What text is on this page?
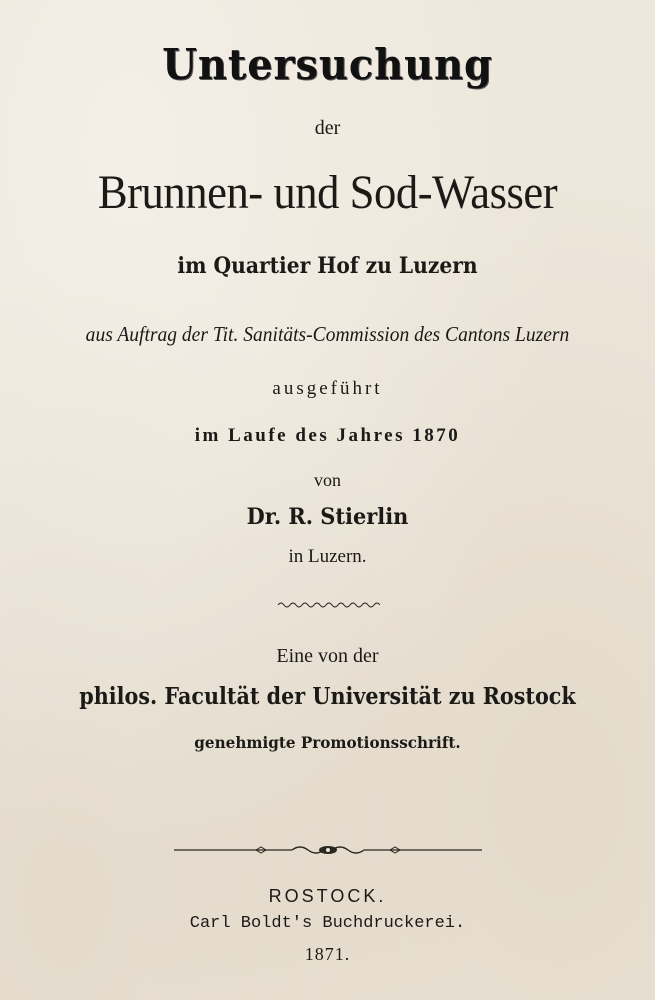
Untersuchung
der
Brunnen- und Sod-Wasser
im Quartier Hof zu Luzern
aus Auftrag der Tit. Sanitäts-Commission des Cantons Luzern
ausgeführt
im Laufe des Jahres 1870
von
Dr. R. Stierlin
in Luzern.
Eine von der
philos. Facultät der Universität zu Rostock
genehmigte Promotionsschrift.
ROSTOCK.
Carl Boldt's Buchdruckerei.
1871.
